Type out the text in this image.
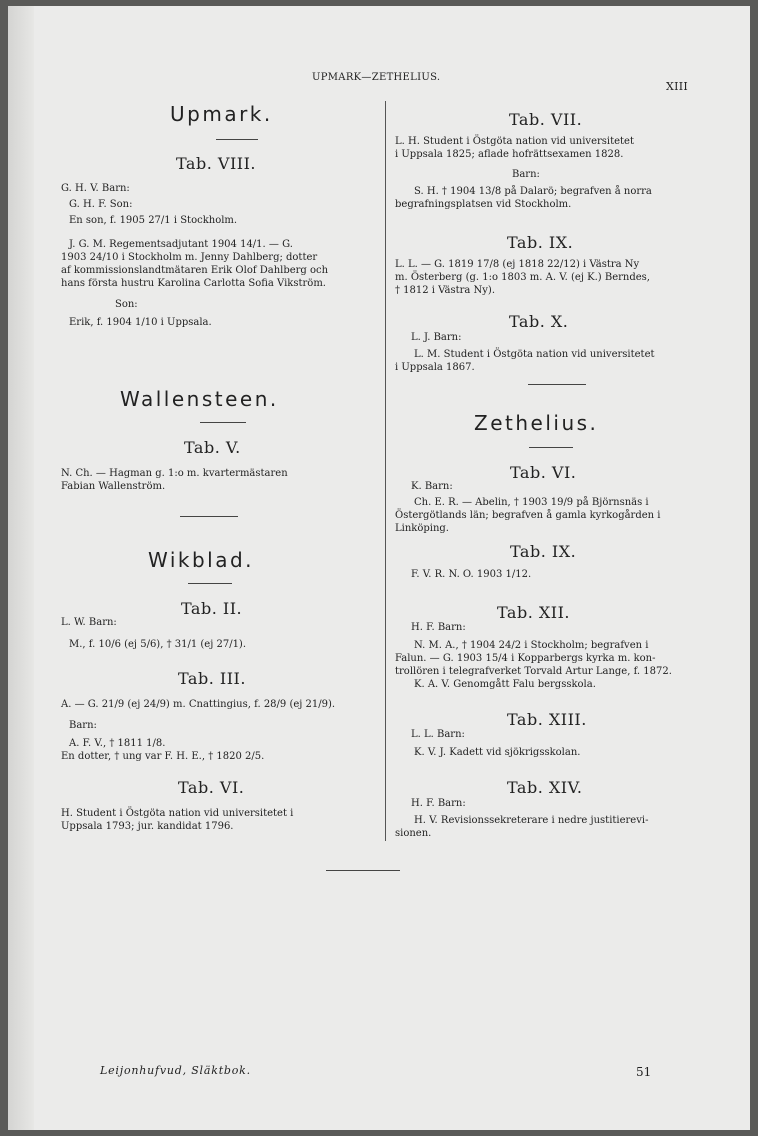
UPMARK—ZETHELIUS.
XIII
Upmark.
Tab. VIII.
G. H. V. Barn:
G. H. F. Son:
En son, f. 1905 27/1 i Stockholm.
J. G. M. Regementsadjutant 1904 14/1. — G.
1903 24/10 i Stockholm m. Jenny Dahlberg; dotter
af kommissionslandtmätaren Erik Olof Dahlberg och
hans första hustru Karolina Carlotta Sofia Vikström.
Son:
Erik, f. 1904 1/10 i Uppsala.
Wallensteen.
Tab. V.
N. Ch. — Hagman g. 1:o m. kvartermästaren
Fabian Wallenström.
Wikblad.
Tab. II.
L. W. Barn:
M., f. 10/6 (ej 5/6), † 31/1 (ej 27/1).
Tab. III.
A. — G. 21/9 (ej 24/9) m. Cnattingius, f. 28/9 (ej 21/9).
Barn:
A. F. V., † 1811 1/8.
En dotter, † ung var F. H. E., † 1820 2/5.
Tab. VI.
H. Student i Östgöta nation vid universitetet i
Uppsala 1793; jur. kandidat 1796.
Tab. VII.
L. H. Student i Östgöta nation vid universitetet
i Uppsala 1825; aflade hofrättsexamen 1828.
Barn:
S. H. † 1904 13/8 på Dalarö; begrafven å norra
begrafningsplatsen vid Stockholm.
Tab. IX.
L. L. — G. 1819 17/8 (ej 1818 22/12) i Västra Ny
m. Österberg (g. 1:o 1803 m. A. V. (ej K.) Berndes,
† 1812 i Västra Ny).
Tab. X.
L. J. Barn:
L. M. Student i Östgöta nation vid universitetet
i Uppsala 1867.
Zethelius.
Tab. VI.
K. Barn:
Ch. E. R. — Abelin, † 1903 19/9 på Björnsnäs i
Östergötlands län; begrafven å gamla kyrkogården i
Linköping.
Tab. IX.
F. V. R. N. O. 1903 1/12.
Tab. XII.
H. F. Barn:
N. M. A., † 1904 24/2 i Stockholm; begrafven i
Falun. — G. 1903 15/4 i Kopparbergs kyrka m. kon-
trollören i telegrafverket Torvald Artur Lange, f. 1872.
K. A. V. Genomgått Falu bergsskola.
Tab. XIII.
L. L. Barn:
K. V. J. Kadett vid sjökrigsskolan.
Tab. XIV.
H. F. Barn:
H. V. Revisionssekreterare i nedre justitierevi-
sionen.
Leijonhufvud, Släktbok.	51
